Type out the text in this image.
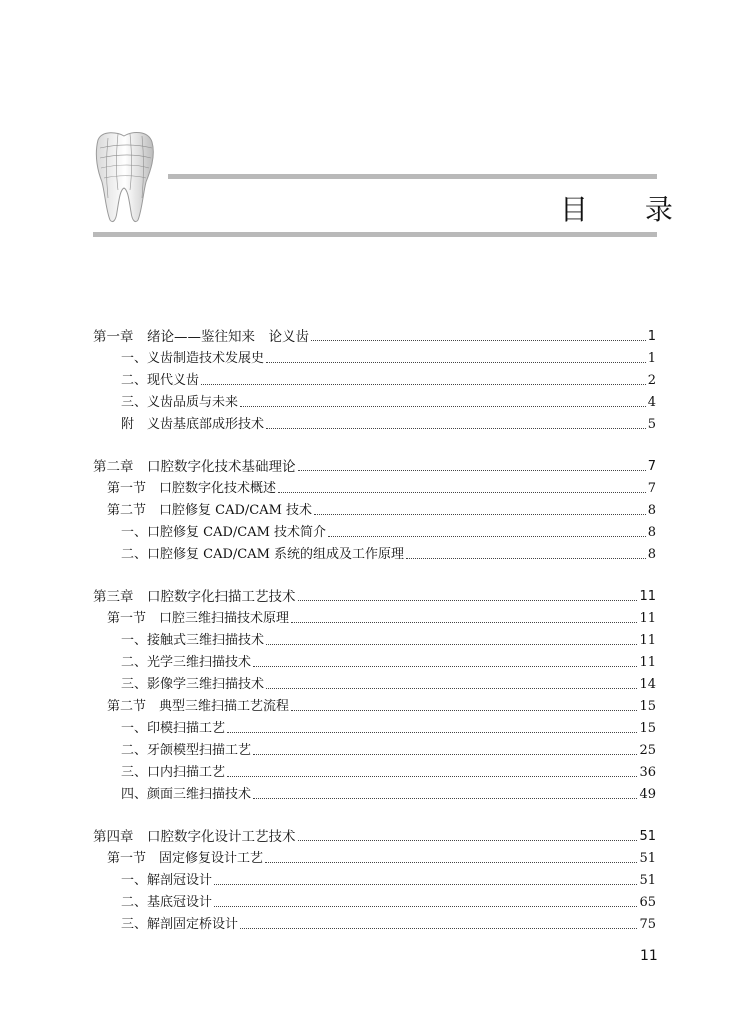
目 录
第一章　绪论——鉴往知来　论义齿	1
一、义齿制造技术发展史	1
二、现代义齿	2
三、义齿品质与未来	4
附　义齿基底部成形技术	5
第二章　口腔数字化技术基础理论	7
第一节　口腔数字化技术概述	7
第二节　口腔修复 CAD/CAM 技术	8
一、口腔修复 CAD/CAM 技术简介	8
二、口腔修复 CAD/CAM 系统的组成及工作原理	8
第三章　口腔数字化扫描工艺技术	11
第一节　口腔三维扫描技术原理	11
一、接触式三维扫描技术	11
二、光学三维扫描技术	11
三、影像学三维扫描技术	14
第二节　典型三维扫描工艺流程	15
一、印模扫描工艺	15
二、牙颌模型扫描工艺	25
三、口内扫描工艺	36
四、颜面三维扫描技术	49
第四章　口腔数字化设计工艺技术	51
第一节　固定修复设计工艺	51
一、解剖冠设计	51
二、基底冠设计	65
三、解剖固定桥设计	75
11
